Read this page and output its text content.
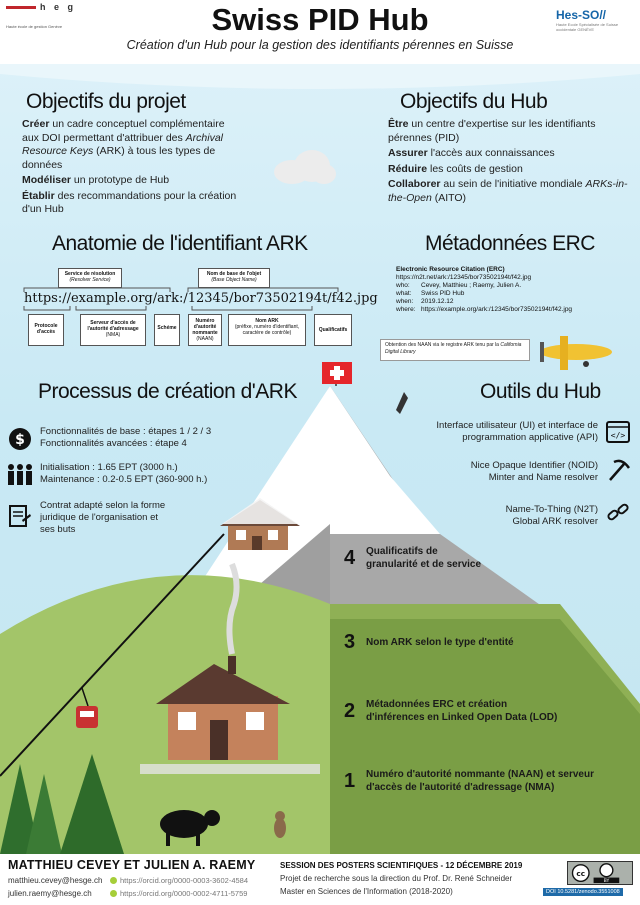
h e g
Haute école de gestion Genève	Swiss PID Hub
Création d'un Hub pour la gestion des identifiants pérennes en Suisse
Hes-SO//
Haute Ecole Spécialisée de Suisse occidentale GENÈVE
Objectifs du projet
Créer un cadre conceptuel complémentaire aux DOI permettant d'attribuer des Archival Resource Keys (ARK) à tous les types de données
Modéliser un prototype de Hub
Établir des recommandations pour la création d'un Hub
Objectifs du Hub
Être un centre d'expertise sur les identifiants pérennes (PID)
Assurer l'accès aux connaissances
Réduire les coûts de gestion
Collaborer au sein de l'initiative mondiale ARKs-in-the-Open (AITO)
Anatomie de l'identifiant ARK
Service de résolution
(Resolver Service)
Nom de base de l'objet
(Base Object Name)
https://example.org/ark:/12345/bor73502194t/f42.jpg
Protocole d'accès
Serveur d'accès de l'autorité d'adressage
(NMA)
Schéme
Numéro d'autorité nommante
(NAAN)
Nom ARK
(préfixe, numéro d'identifiant, caractère de contrôle)	Qualificatifs
Métadonnées ERC
Electronic Resource Citation (ERC)
https://n2t.net/ark:/12345/bor73502194t/f42.jpg
who: Cevey, Matthieu ; Raemy, Julien A.
what: Swiss PID Hub
when: 2019.12.12
where: https://example.org/ark:/12345/bor73502194t/f42.jpg
Obtention des NAAN via le registre ARK tenu par la California Digital Library
Processus de création d'ARK
$
Fonctionnalités de base : étapes 1 / 2 / 3
Fonctionnalités avancées : étape 4
Initialisation : 1.65 EPT (3000 h.)
Maintenance : 0.2-0.5 EPT (360-900 h.)
Contrat adapté selon la forme
juridique de l'organisation et
ses buts
Outils du Hub
Interface utilisateur (UI) et interface de
programmation applicative (API) </>
Nice Opaque Identifier (NOID)
Minter and Name resolver
Name-To-Thing (N2T)
Global ARK resolver
4	Qualificatifs de
granularité et de service
3	Nom ARK selon le type d'entité
2	Métadonnées ERC et création
d'inférences en Linked Open Data (LOD)
1	Numéro d'autorité nommante (NAAN) et serveur
d'accès de l'autorité d'adressage (NMA)
MATTHIEU CEVEY ET JULIEN A. RAEMY
matthieu.cevey@hesge.ch
julien.raemy@hesge.ch
https://orcid.org/0000-0003-3602-4584
https://orcid.org/0000-0002-4711-5759
SESSION DES POSTERS SCIENTIFIQUES - 12 DÉCEMBRE 2019
Projet de recherche sous la direction du Prof. Dr. René Schneider
Master en Sciences de l'Information (2018-2020)
cc
BY
DOI 10.5281/zenodo.3551008
